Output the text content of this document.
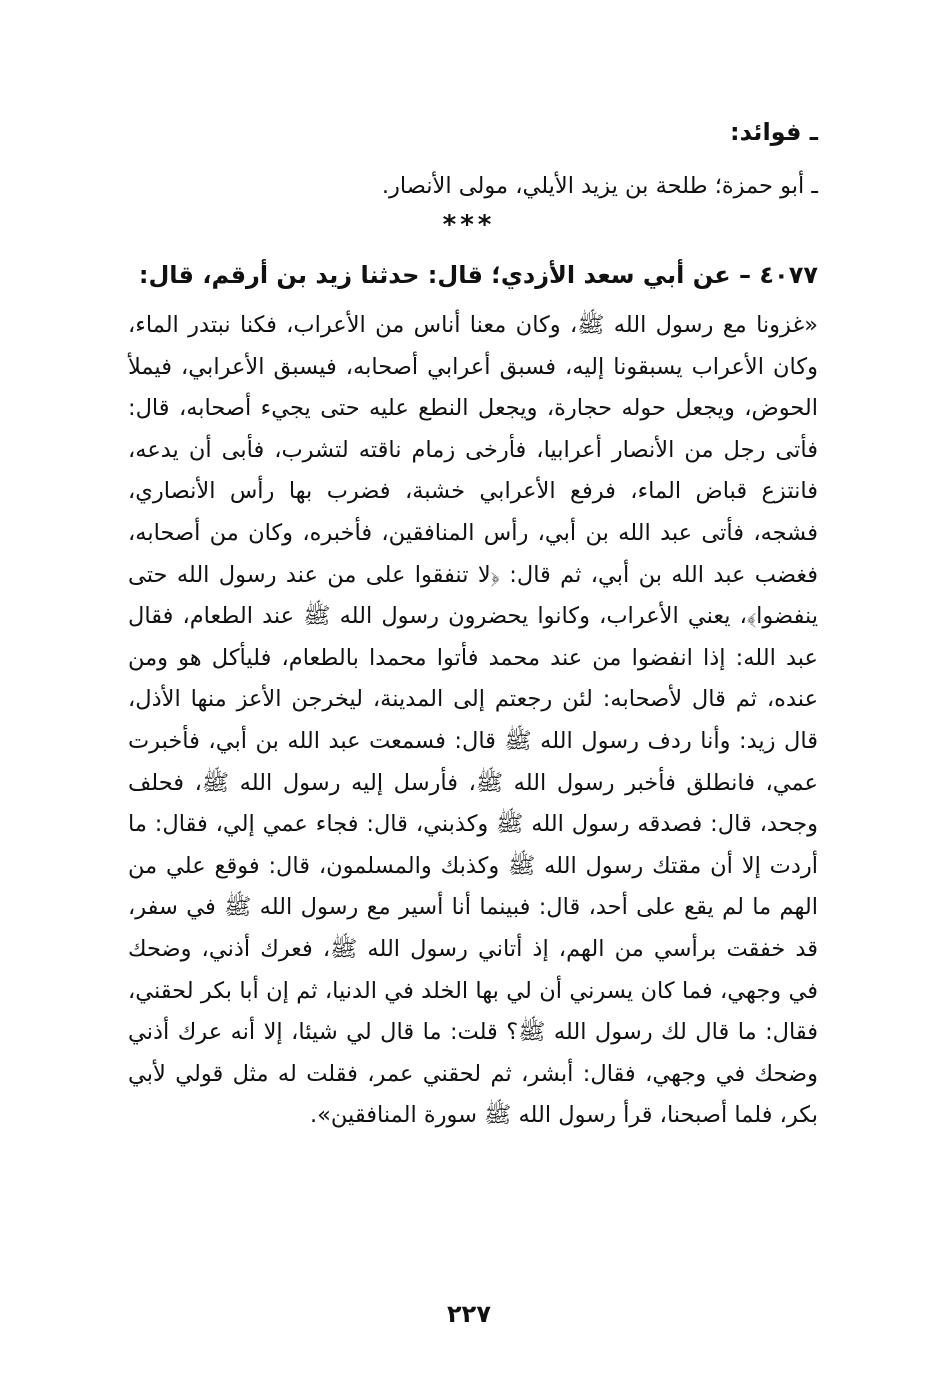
ـ فوائد:
ـ أبو حمزة؛ طلحة بن يزيد الأيلي، مولى الأنصار.
***
٤٠٧٧ – عن أبي سعد الأزدي؛ قال: حدثنا زيد بن أرقم، قال:
«غزونا مع رسول الله ﷺ، وكان معنا أناس من الأعراب، فكنا نبتدر الماء، وكان الأعراب يسبقونا إليه، فسبق أعرابي أصحابه، فيسبق الأعرابي، فيملأ الحوض، ويجعل حوله حجارة، ويجعل النطع عليه حتى يجيء أصحابه، قال: فأتى رجل من الأنصار أعرابيا، فأرخى زمام ناقته لتشرب، فأبى أن يدعه، فانتزع قباض الماء، فرفع الأعرابي خشبة، فضرب بها رأس الأنصاري، فشجه، فأتى عبد الله بن أبي، رأس المنافقين، فأخبره، وكان من أصحابه، فغضب عبد الله بن أبي، ثم قال: ﴿لا تنفقوا على من عند رسول الله حتى ينفضوا﴾، يعني الأعراب، وكانوا يحضرون رسول الله ﷺ عند الطعام، فقال عبد الله: إذا انفضوا من عند محمد فأتوا محمدا بالطعام، فليأكل هو ومن عنده، ثم قال لأصحابه: لئن رجعتم إلى المدينة، ليخرجن الأعز منها الأذل، قال زيد: وأنا ردف رسول الله ﷺ قال: فسمعت عبد الله بن أبي، فأخبرت عمي، فانطلق فأخبر رسول الله ﷺ، فأرسل إليه رسول الله ﷺ، فحلف وجحد، قال: فصدقه رسول الله ﷺ وكذبني، قال: فجاء عمي إلي، فقال: ما أردت إلا أن مقتك رسول الله ﷺ وكذبك والمسلمون، قال: فوقع علي من الهم ما لم يقع على أحد، قال: فبينما أنا أسير مع رسول الله ﷺ في سفر، قد خفقت برأسي من الهم، إذ أتاني رسول الله ﷺ، فعرك أذني، وضحك في وجهي، فما كان يسرني أن لي بها الخلد في الدنيا، ثم إن أبا بكر لحقني، فقال: ما قال لك رسول الله ﷺ؟ قلت: ما قال لي شيئا، إلا أنه عرك أذني وضحك في وجهي، فقال: أبشر، ثم لحقني عمر، فقلت له مثل قولي لأبي بكر، فلما أصبحنا، قرأ رسول الله ﷺ سورة المنافقين».
٢٢٧
